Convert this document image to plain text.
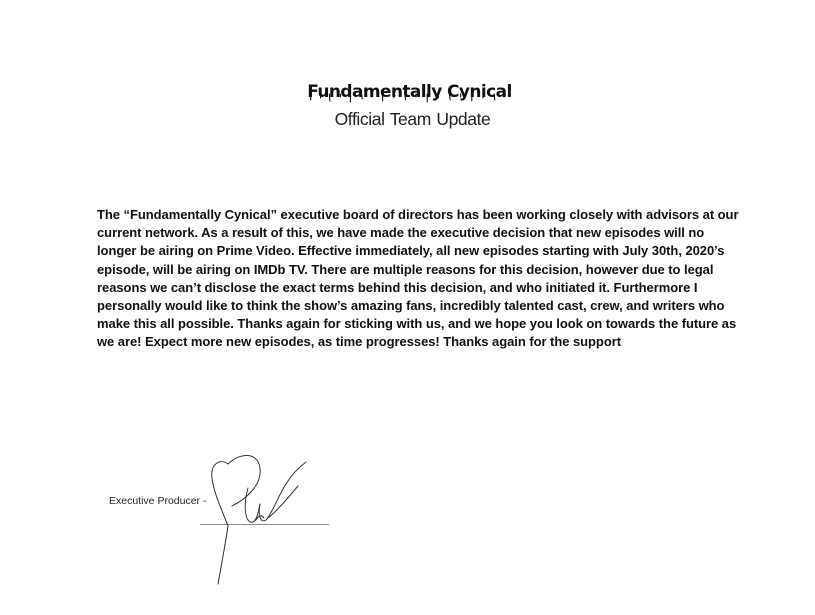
Fundamentally Cynical
Official Team Update

The “Fundamentally Cynical” executive board of directors has been working closely with advisors at our current network. As a result of this, we have made the executive decision that new episodes will no longer be airing on Prime Video. Effective immediately, all new episodes starting with July 30th, 2020’s episode, will be airing on IMDb TV. There are multiple reasons for this decision, however due to legal reasons we can’t disclose the exact terms behind this decision, and who initiated it. Furthermore I personally would like to think the show’s amazing fans, incredibly talented cast, crew, and writers who make this all possible. Thanks again for sticking with us, and we hope you look on towards the future as we are! Expect more new episodes, as time progresses! Thanks again for the support

Executive Producer -
